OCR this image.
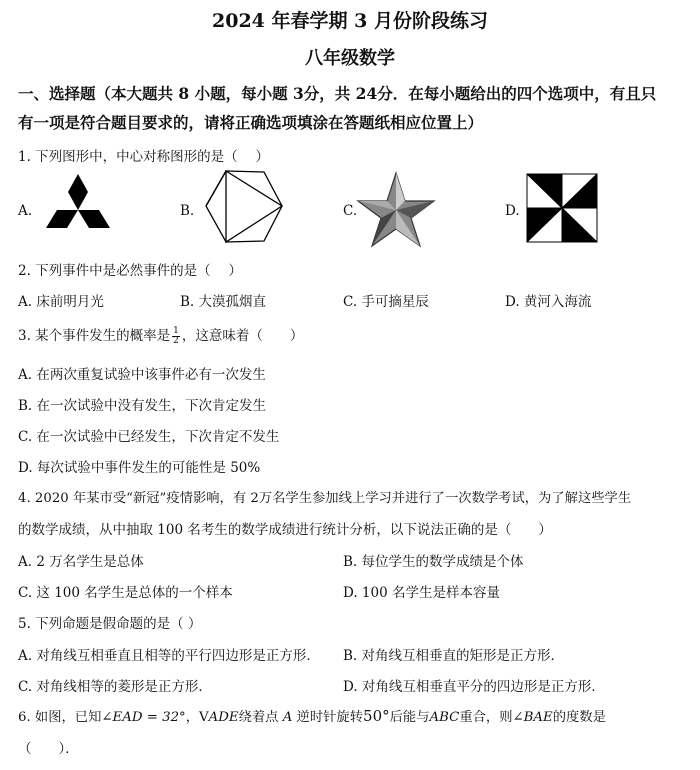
2024 年春学期 3 月份阶段练习
八年级数学
一、选择题（本大题共 8 小题，每小题 3分，共 24分．在每小题给出的四个选项中，有且只
有一项是符合题目要求的，请将正确选项填涂在答题纸相应位置上）
1. 下列图形中，中心对称图形的是（　 ）
A.	B.	C.	D.
2. 下列事件中是必然事件的是（　 ）
A. 床前明月光	B. 大漠孤烟直	C. 手可摘星辰	D. 黄河入海流
3. 某个事件发生的概率是 $\frac{1}{2}$ ，这意味着（　　）
A. 在两次重复试验中该事件必有一次发生
B. 在一次试验中没有发生，下次肯定发生
C. 在一次试验中已经发生，下次肯定不发生
D. 每次试验中事件发生的可能性是 50%
4. 2020 年某市受“新冠”疫情影响，有 2万名学生参加线上学习并进行了一次数学考试，为了解这些学生
的数学成绩，从中抽取 100 名考生的数学成绩进行统计分析，以下说法正确的是（　　）
A. 2 万名学生是总体	B. 每位学生的数学成绩是个体
C. 这 100 名学生是总体的一个样本	D. 100 名学生是样本容量
5. 下列命题是假命题的是（ ）
A. 对角线互相垂直且相等的平行四边形是正方形． B. 对角线互相垂直的矩形是正方形．
C. 对角线相等的菱形是正方形．	D. 对角线互相垂直平分的四边形是正方形．
6. 如图，已知∠EAD = 32°，VADE绕着点 A 逆时针旋转50°后能与ABC重合，则∠BAE的度数是
（　　）．
